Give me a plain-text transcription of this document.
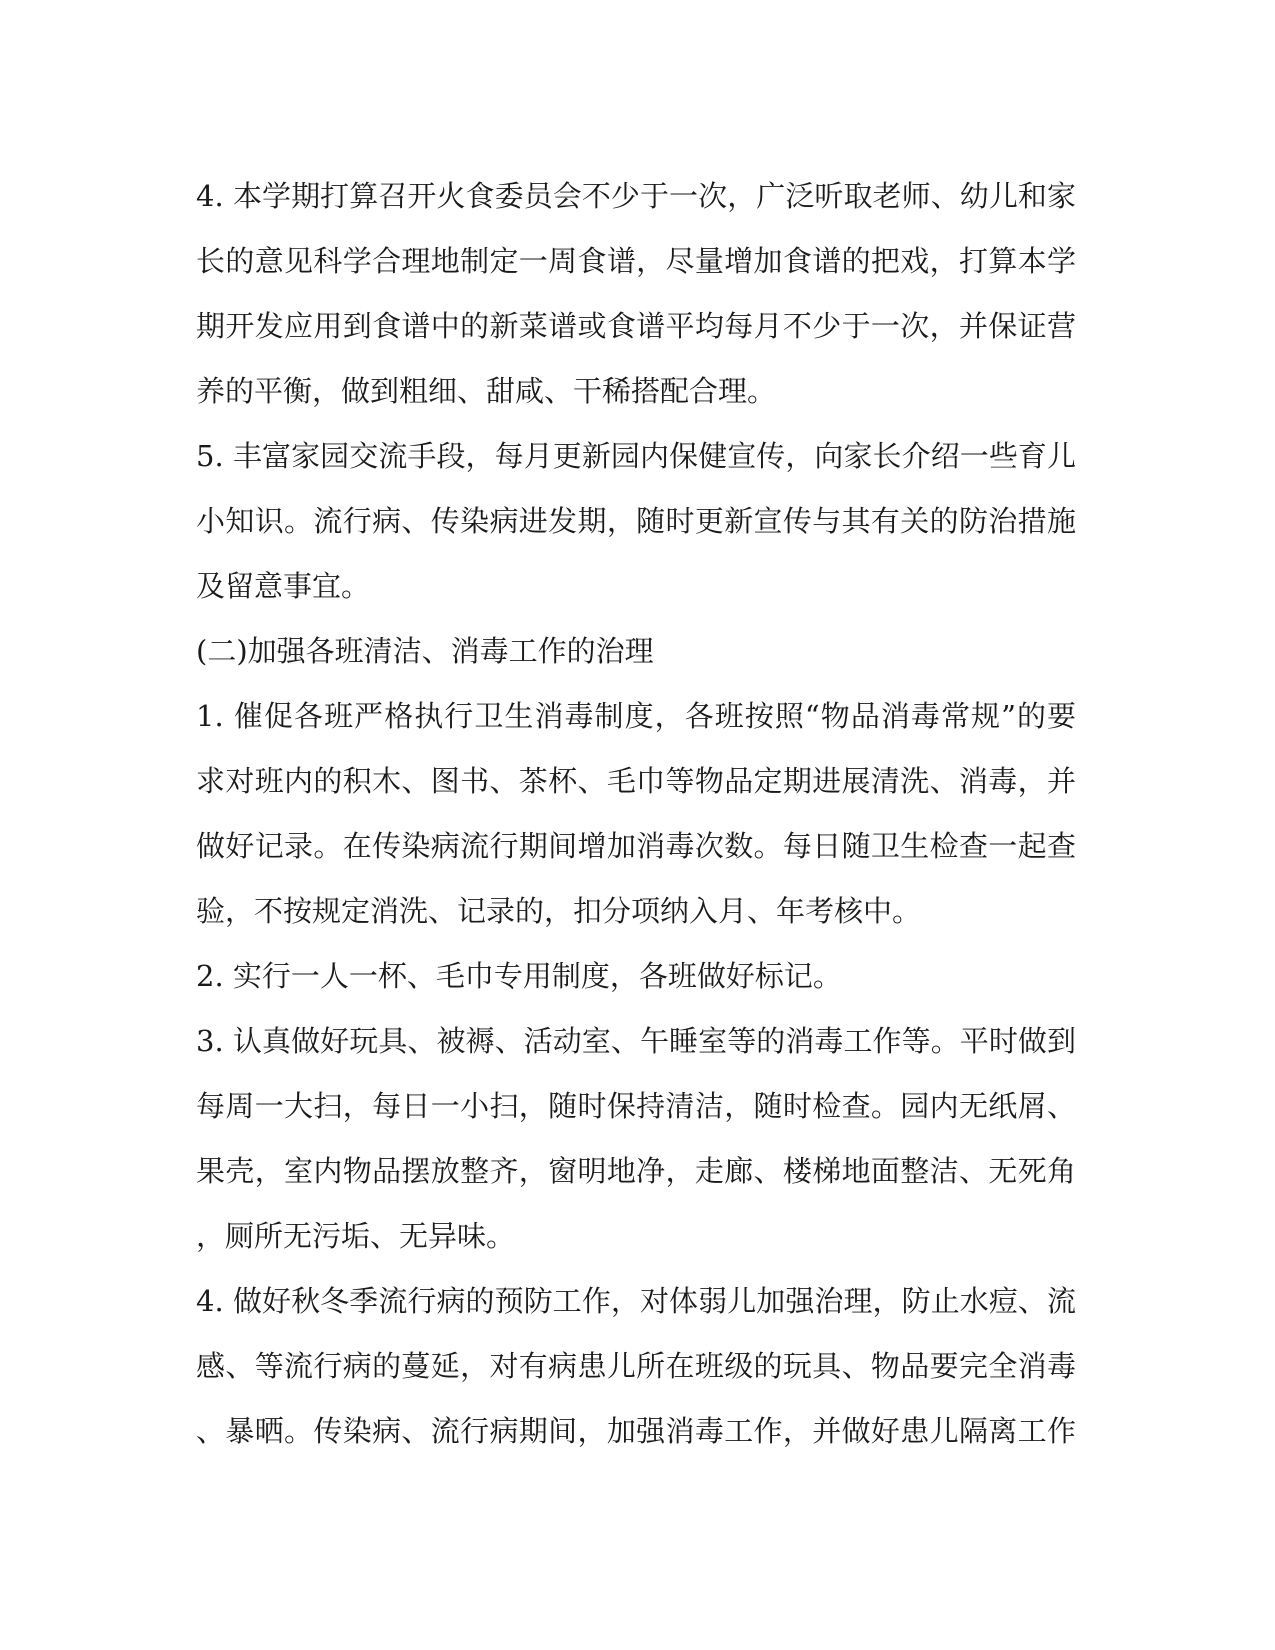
4. 本学期打算召开火食委员会不少于一次，广泛听取老师、幼儿和家
长的意见科学合理地制定一周食谱，尽量增加食谱的把戏，打算本学
期开发应用到食谱中的新菜谱或食谱平均每月不少于一次，并保证营
养的平衡，做到粗细、甜咸、干稀搭配合理。
5. 丰富家园交流手段，每月更新园内保健宣传，向家长介绍一些育儿
小知识。流行病、传染病进发期，随时更新宣传与其有关的防治措施
及留意事宜。
(二)加强各班清洁、消毒工作的治理
1. 催促各班严格执行卫生消毒制度，各班按照“物品消毒常规”的要
求对班内的积木、图书、茶杯、毛巾等物品定期进展清洗、消毒，并
做好记录。在传染病流行期间增加消毒次数。每日随卫生检查一起查
验，不按规定消洗、记录的，扣分项纳入月、年考核中。
2. 实行一人一杯、毛巾专用制度，各班做好标记。
3. 认真做好玩具、被褥、活动室、午睡室等的消毒工作等。平时做到
每周一大扫，每日一小扫，随时保持清洁，随时检查。园内无纸屑、
果壳，室内物品摆放整齐，窗明地净，走廊、楼梯地面整洁、无死角
，厕所无污垢、无异味。
4. 做好秋冬季流行病的预防工作，对体弱儿加强治理，防止水痘、流
感、等流行病的蔓延，对有病患儿所在班级的玩具、物品要完全消毒
、暴晒。传染病、流行病期间，加强消毒工作，并做好患儿隔离工作
